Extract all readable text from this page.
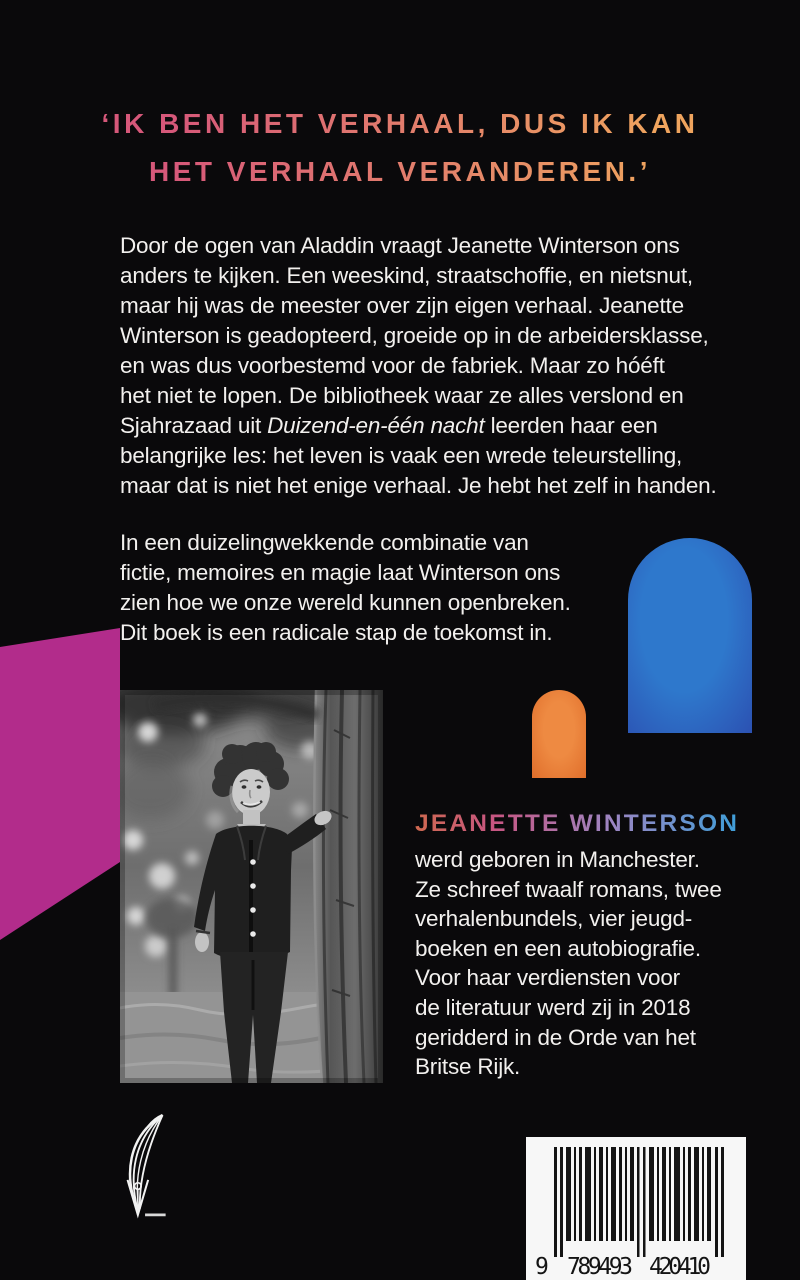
‘IK BEN HET VERHAAL, DUS IK KAN
HET VERHAAL VERANDEREN.’
Door de ogen van Aladdin vraagt Jeanette Winterson ons
anders te kijken. Een weeskind, straatschoffie, en nietsnut,
maar hij was de meester over zijn eigen verhaal. Jeanette
Winterson is geadopteerd, groeide op in de arbeidersklasse,
en was dus voorbestemd voor de fabriek. Maar zo hóéft
het niet te lopen. De bibliotheek waar ze alles verslond en
Sjahrazaad uit Duizend-en-één nacht leerden haar een
belangrijke les: het leven is vaak een wrede teleurstelling,
maar dat is niet het enige verhaal. Je hebt het zelf in handen.
In een duizelingwekkende combinatie van
fictie, memoires en magie laat Winterson ons
zien hoe we onze wereld kunnen openbreken.
Dit boek is een radicale stap de toekomst in.
JEANETTE WINTERSON
werd geboren in Manchester.
Ze schreef twaalf romans, twee
verhalenbundels, vier jeugd-
boeken en een autobiografie.
Voor haar verdiensten voor
de literatuur werd zij in 2018
geridderd in de Orde van het
Britse Rijk.
9 789493 420410
